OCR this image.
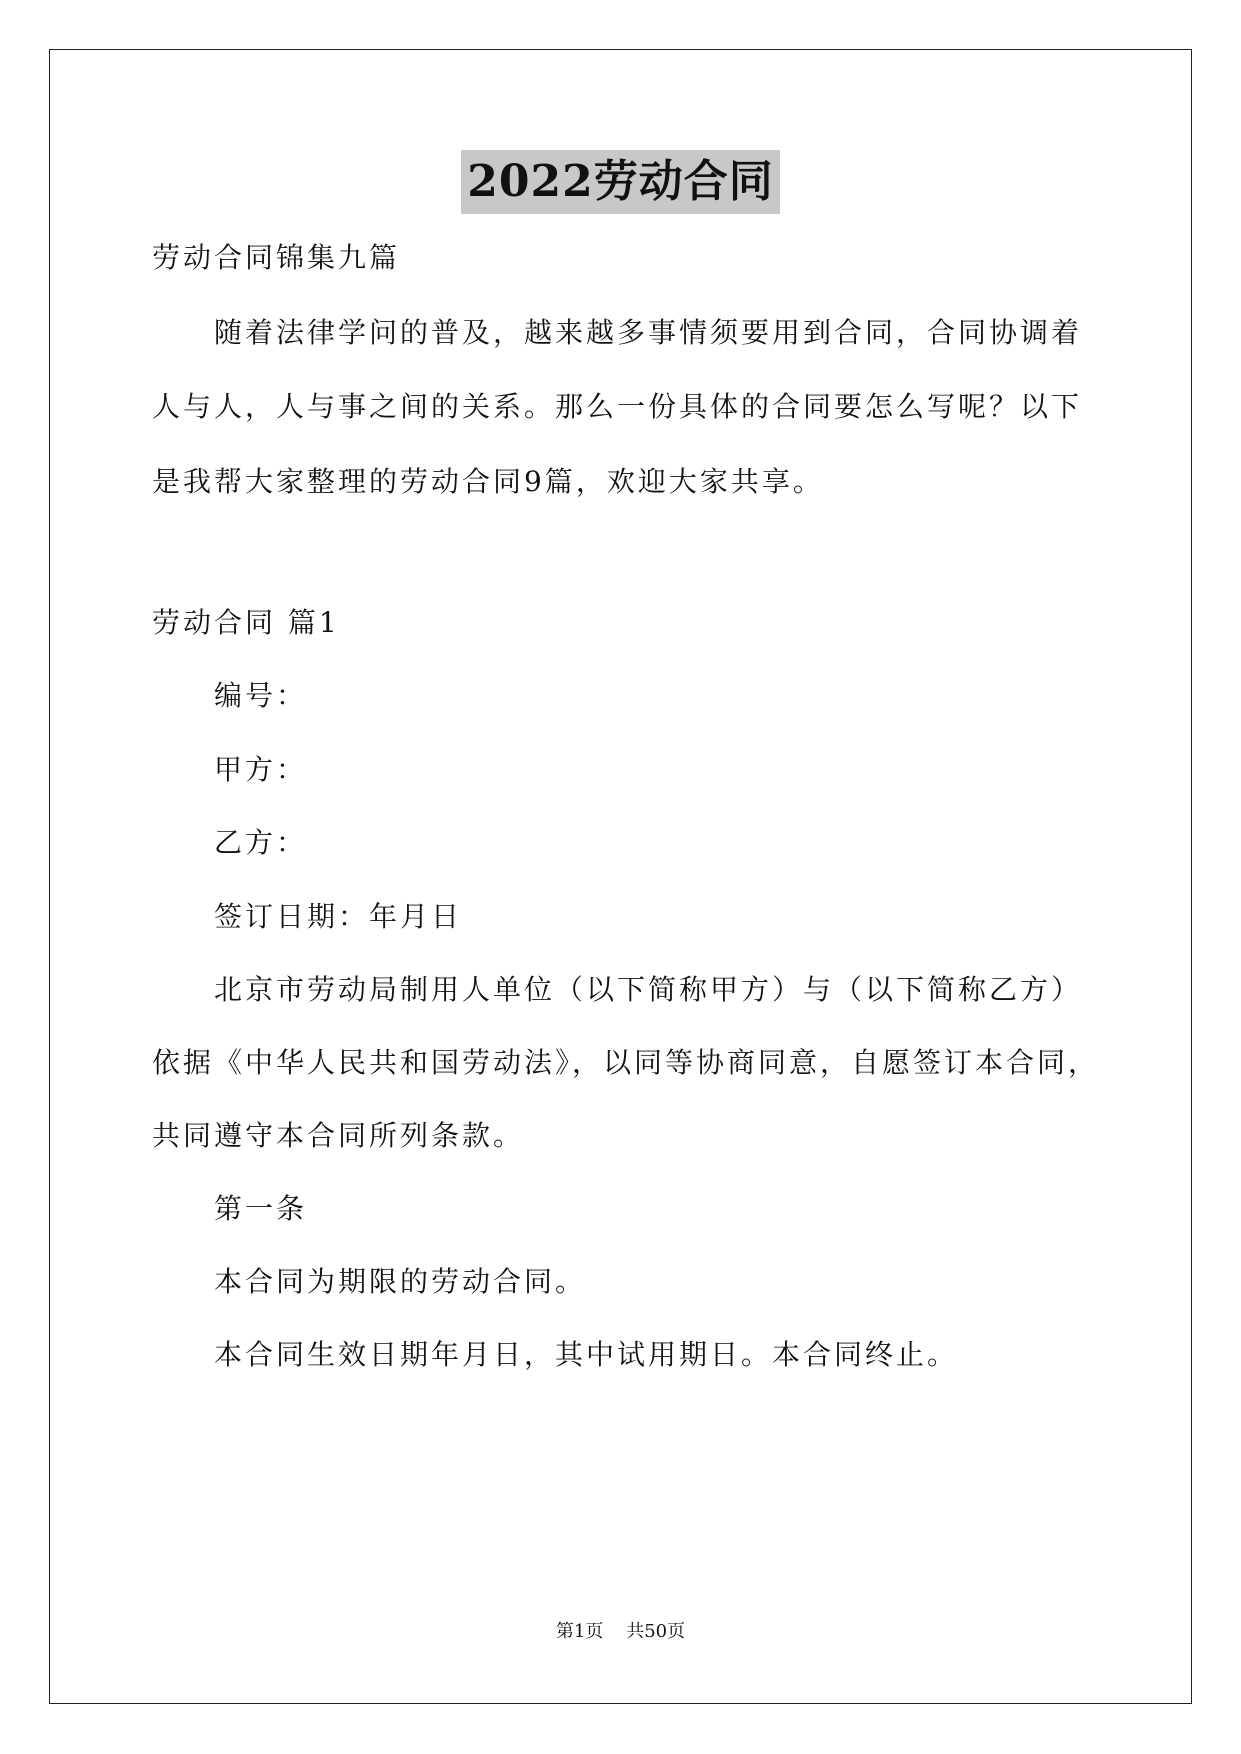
2022劳动合同
劳动合同锦集九篇
随着法律学问的普及，越来越多事情须要用到合同，合同协调着
人与人，人与事之间的关系。那么一份具体的合同要怎么写呢？以下
是我帮大家整理的劳动合同9篇，欢迎大家共享。
劳动合同 篇1
编号：
甲方：
乙方：
签订日期：年月日
北京市劳动局制用人单位（以下简称甲方）与（以下简称乙方）
依据《中华人民共和国劳动法》，以同等协商同意，自愿签订本合同，
共同遵守本合同所列条款。
第一条
本合同为期限的劳动合同。
本合同生效日期年月日，其中试用期日。本合同终止。
第1页 共50页
